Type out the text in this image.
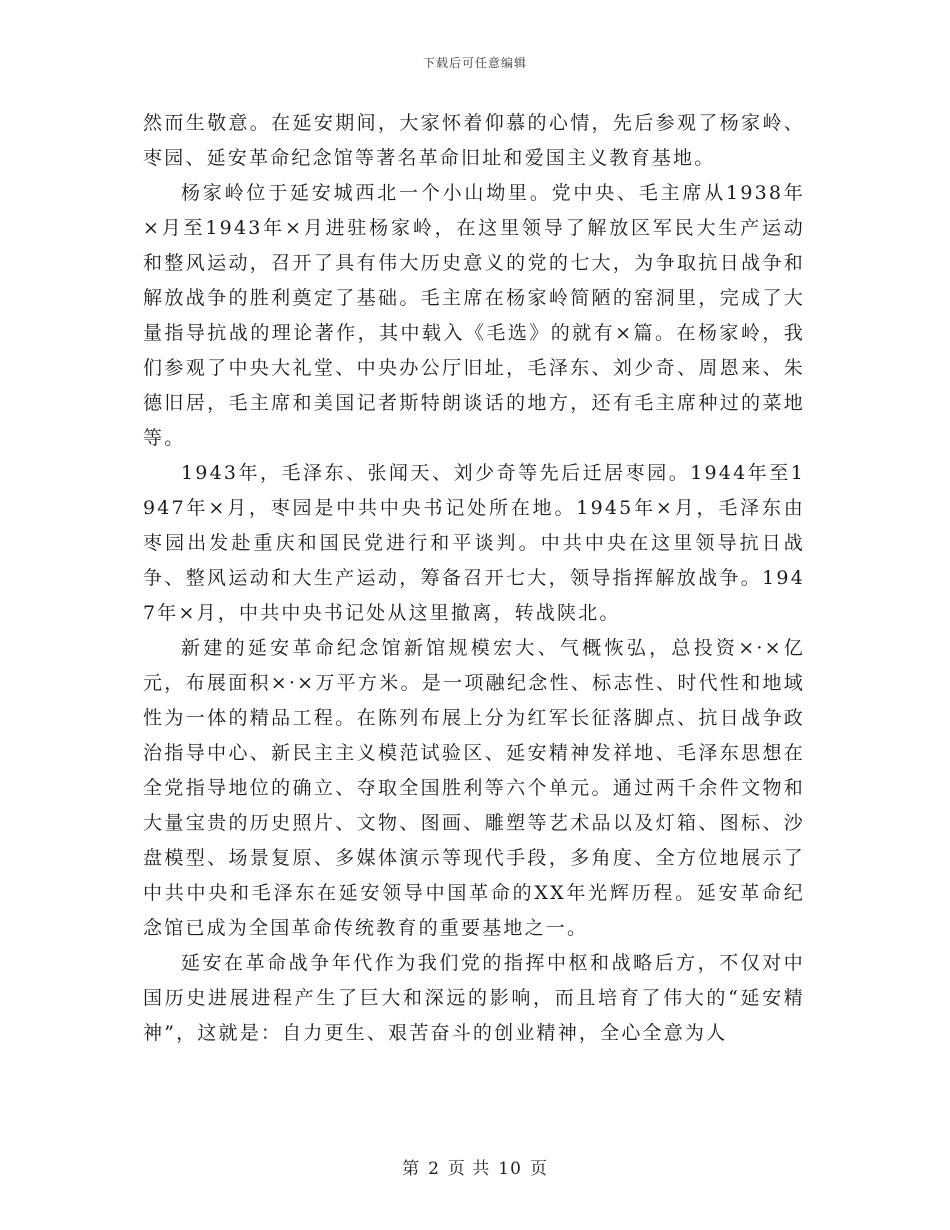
下载后可任意编辑

然而生敬意。在延安期间，大家怀着仰慕的心情，先后参观了杨家岭、枣园、延安革命纪念馆等著名革命旧址和爱国主义教育基地。

杨家岭位于延安城西北一个小山坳里。党中央、毛主席从1938年×月至1943年×月进驻杨家岭，在这里领导了解放区军民大生产运动和整风运动，召开了具有伟大历史意义的党的七大，为争取抗日战争和解放战争的胜利奠定了基础。毛主席在杨家岭简陋的窑洞里，完成了大量指导抗战的理论著作，其中载入《毛选》的就有×篇。在杨家岭，我们参观了中央大礼堂、中央办公厅旧址，毛泽东、刘少奇、周恩来、朱德旧居，毛主席和美国记者斯特朗谈话的地方，还有毛主席种过的菜地等。

1943年，毛泽东、张闻天、刘少奇等先后迁居枣园。1944年至1947年×月，枣园是中共中央书记处所在地。1945年×月，毛泽东由枣园出发赴重庆和国民党进行和平谈判。中共中央在这里领导抗日战争、整风运动和大生产运动，筹备召开七大，领导指挥解放战争。1947年×月，中共中央书记处从这里撤离，转战陕北。

新建的延安革命纪念馆新馆规模宏大、气概恢弘，总投资×·×亿元，布展面积×·×万平方米。是一项融纪念性、标志性、时代性和地域性为一体的精品工程。在陈列布展上分为红军长征落脚点、抗日战争政治指导中心、新民主主义模范试验区、延安精神发祥地、毛泽东思想在全党指导地位的确立、夺取全国胜利等六个单元。通过两千余件文物和大量宝贵的历史照片、文物、图画、雕塑等艺术品以及灯箱、图标、沙盘模型、场景复原、多媒体演示等现代手段，多角度、全方位地展示了中共中央和毛泽东在延安领导中国革命的XX年光辉历程。延安革命纪念馆已成为全国革命传统教育的重要基地之一。

延安在革命战争年代作为我们党的指挥中枢和战略后方，不仅对中国历史进展进程产生了巨大和深远的影响，而且培育了伟大的“延安精神”，这就是：自力更生、艰苦奋斗的创业精神，全心全意为人

第 2 页 共 10 页
